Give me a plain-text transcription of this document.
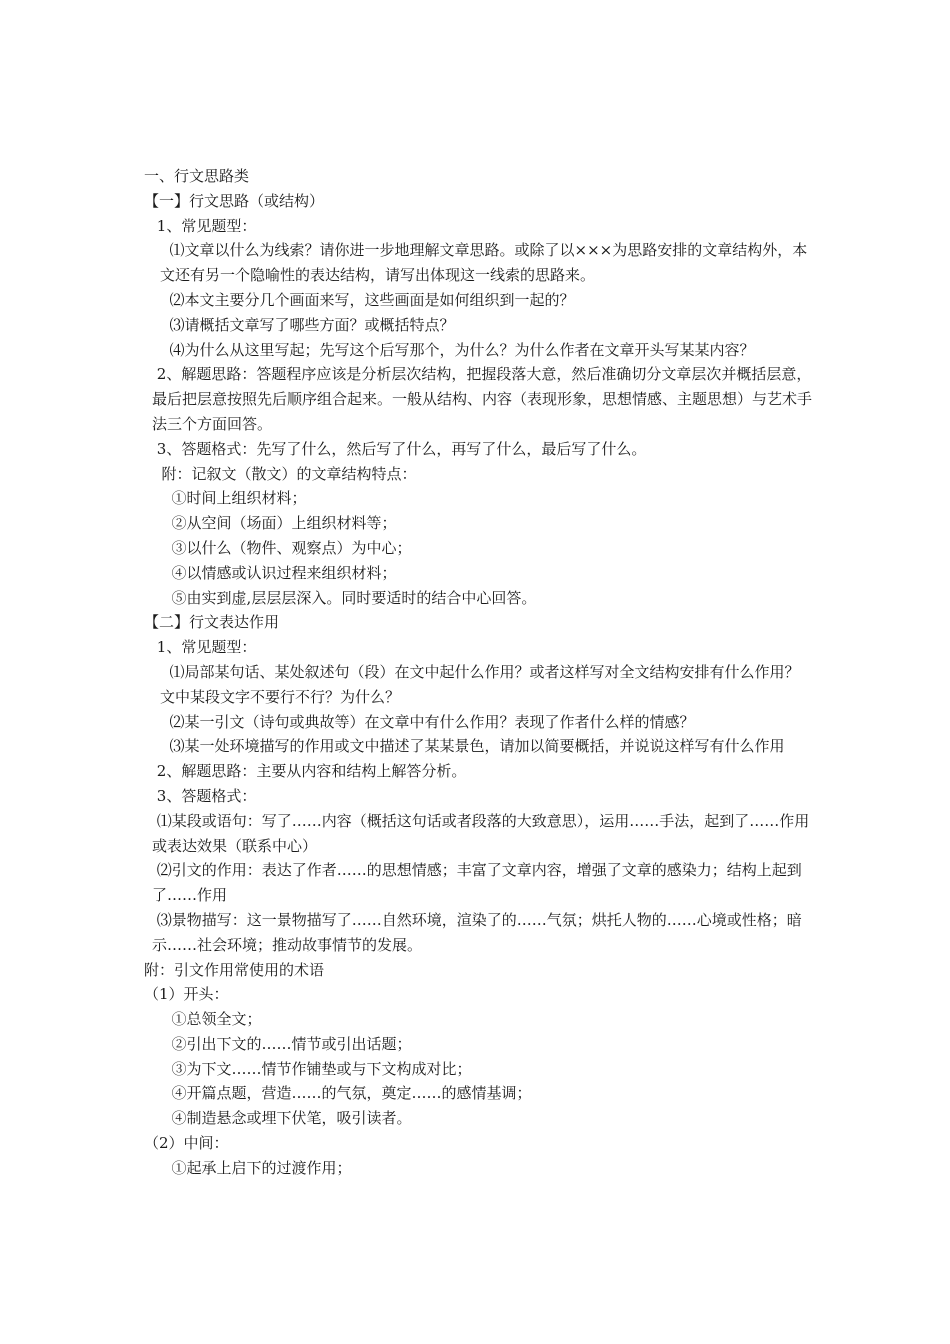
一、行文思路类

【一】行文思路（或结构）

1、常见题型：

⑴文章以什么为线索？请你进一步地理解文章思路。或除了以×××为思路安排的文章结构外，本文还有另一个隐喻性的表达结构，请写出体现这一线索的思路来。

⑵本文主要分几个画面来写，这些画面是如何组织到一起的？

⑶请概括文章写了哪些方面？或概括特点？

⑷为什么从这里写起；先写这个后写那个，为什么？为什么作者在文章开头写某某内容？

2、解题思路：答题程序应该是分析层次结构，把握段落大意，然后准确切分文章层次并概括层意，最后把层意按照先后顺序组合起来。一般从结构、内容（表现形象，思想情感、主题思想）与艺术手法三个方面回答。

3、答题格式：先写了什么，然后写了什么，再写了什么，最后写了什么。

附：记叙文（散文）的文章结构特点：

①时间上组织材料；

②从空间（场面）上组织材料等；

③以什么（物件、观察点）为中心；

④以情感或认识过程来组织材料；

⑤由实到虚,层层层深入。同时要适时的结合中心回答。

【二】行文表达作用

1、常见题型：

⑴局部某句话、某处叙述句（段）在文中起什么作用？或者这样写对全文结构安排有什么作用？文中某段文字不要行不行？为什么？

⑵某一引文（诗句或典故等）在文章中有什么作用？表现了作者什么样的情感？

⑶某一处环境描写的作用或文中描述了某某景色，请加以简要概括，并说说这样写有什么作用

2、解题思路：主要从内容和结构上解答分析。

3、答题格式：

⑴某段或语句：写了……内容（概括这句话或者段落的大致意思），运用……手法，起到了……作用或表达效果（联系中心）

⑵引文的作用：表达了作者……的思想情感；丰富了文章内容，增强了文章的感染力；结构上起到了……作用

⑶景物描写：这一景物描写了……自然环境，渲染了的……气氛；烘托人物的……心境或性格；暗示……社会环境；推动故事情节的发展。

附：引文作用常使用的术语

（1）开头：

①总领全文；

②引出下文的……情节或引出话题；

③为下文……情节作铺垫或与下文构成对比；

④开篇点题，营造……的气氛，奠定……的感情基调；

④制造悬念或埋下伏笔，吸引读者。

（2）中间：

①起承上启下的过渡作用；
